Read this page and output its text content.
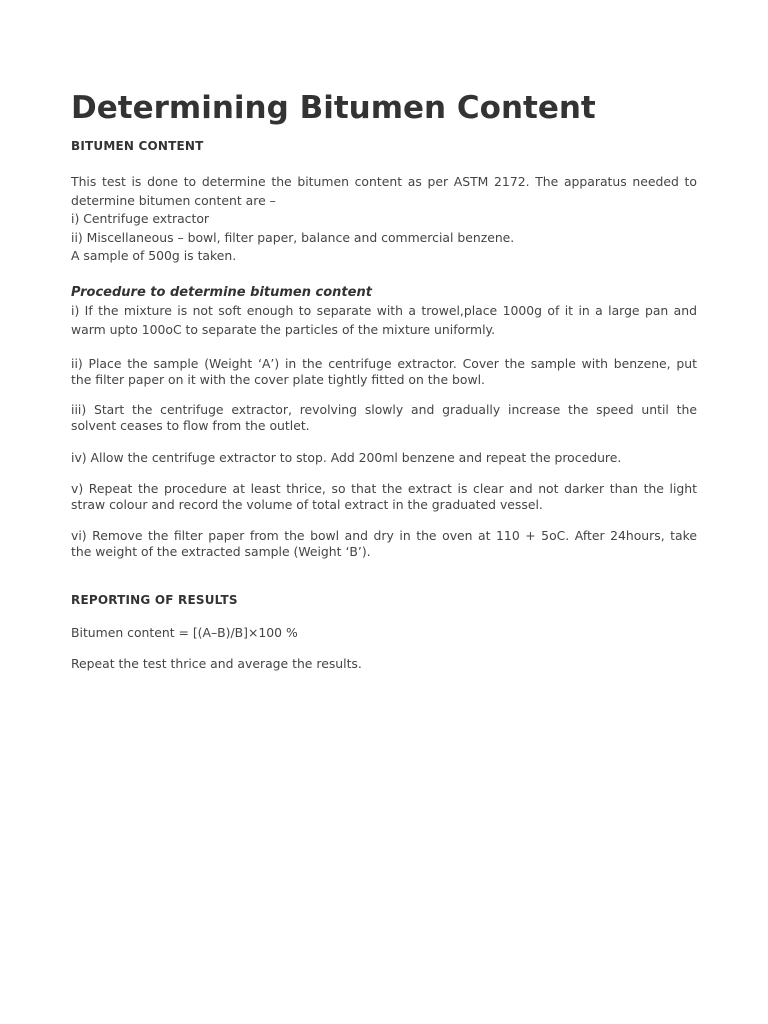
Determining Bitumen Content
BITUMEN CONTENT

This test is done to determine the bitumen content as per ASTM 2172. The apparatus needed to

determine bitumen content are –

i) Centrifuge extractor

ii) Miscellaneous – bowl, filter paper, balance and commercial benzene.

A sample of 500g is taken.

Procedure to determine bitumen content

i) If the mixture is not soft enough to separate with a trowel,place 1000g of it in a large pan and

warm upto 100oC to separate the particles of the mixture uniformly.

ii) Place the sample (Weight ‘A’) in the centrifuge extractor. Cover the sample with benzene, put

the filter paper on it with the cover plate tightly fitted on the bowl.

iii) Start the centrifuge extractor, revolving slowly and gradually increase the speed until the

solvent ceases to flow from the outlet.

iv) Allow the centrifuge extractor to stop. Add 200ml benzene and repeat the procedure.

v) Repeat the procedure at least thrice, so that the extract is clear and not darker than the light

straw colour and record the volume of total extract in the graduated vessel.

vi) Remove the filter paper from the bowl and dry in the oven at 110 + 5oC. After 24hours, take

the weight of the extracted sample (Weight ‘B’).

REPORTING OF RESULTS

Bitumen content = [(A–B)/B]×100 %

Repeat the test thrice and average the results.
